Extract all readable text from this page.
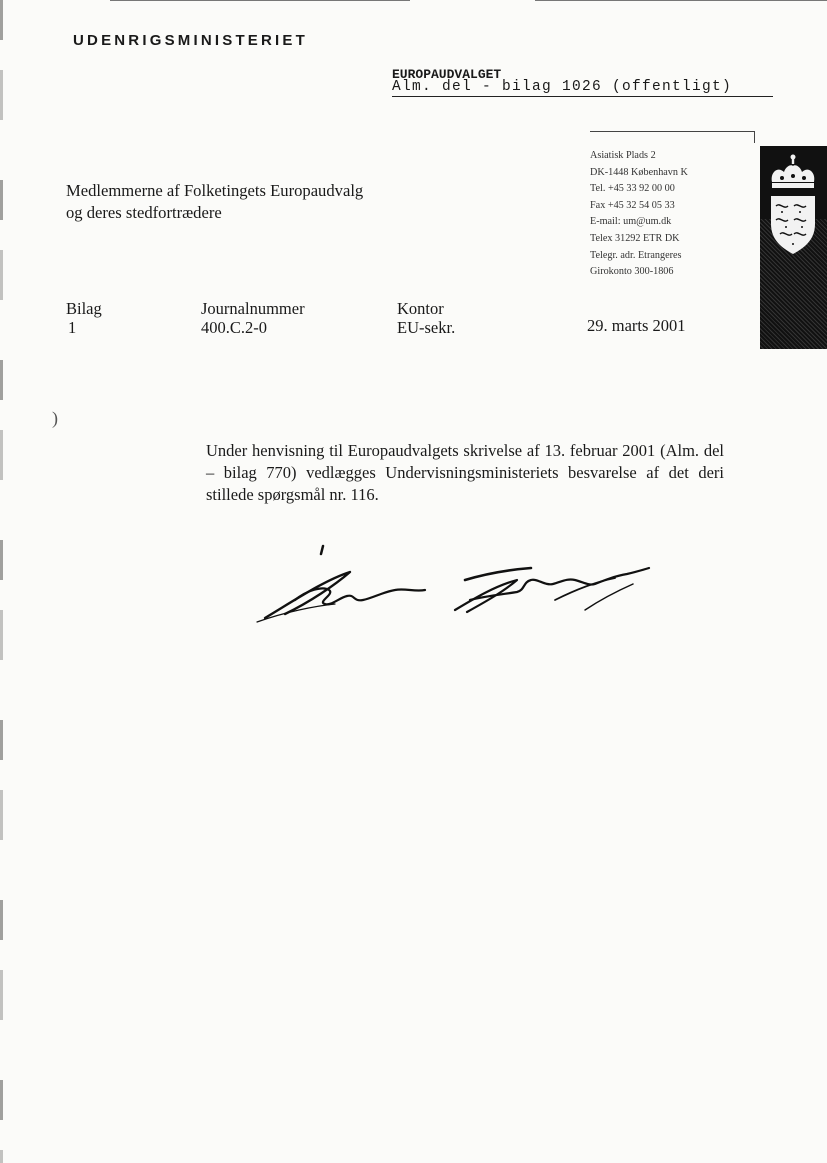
UDENRIGSMINISTERIET
EUROPAUDVALGET
Alm. del - bilag 1026 (offentligt)
Asiatisk Plads 2
DK-1448 København K
Tel. +45 33 92 00 00
Fax +45 32 54 05 33
E-mail: um@um.dk
Telex 31292 ETR DK
Telegr. adr. Etrangeres
Girokonto 300-1806
Medlemmerne af Folketingets Europaudvalg
og deres stedfortrædere
Bilag
1
Journalnummer
400.C.2-0
Kontor
EU-sekr.	29. marts 2001
)
Under henvisning til Europaudvalgets skrivelse af 13. februar 2001 (Alm. del – bilag 770) vedlægges Undervisningsministeriets besvarelse af det deri stillede spørgsmål nr. 116.
